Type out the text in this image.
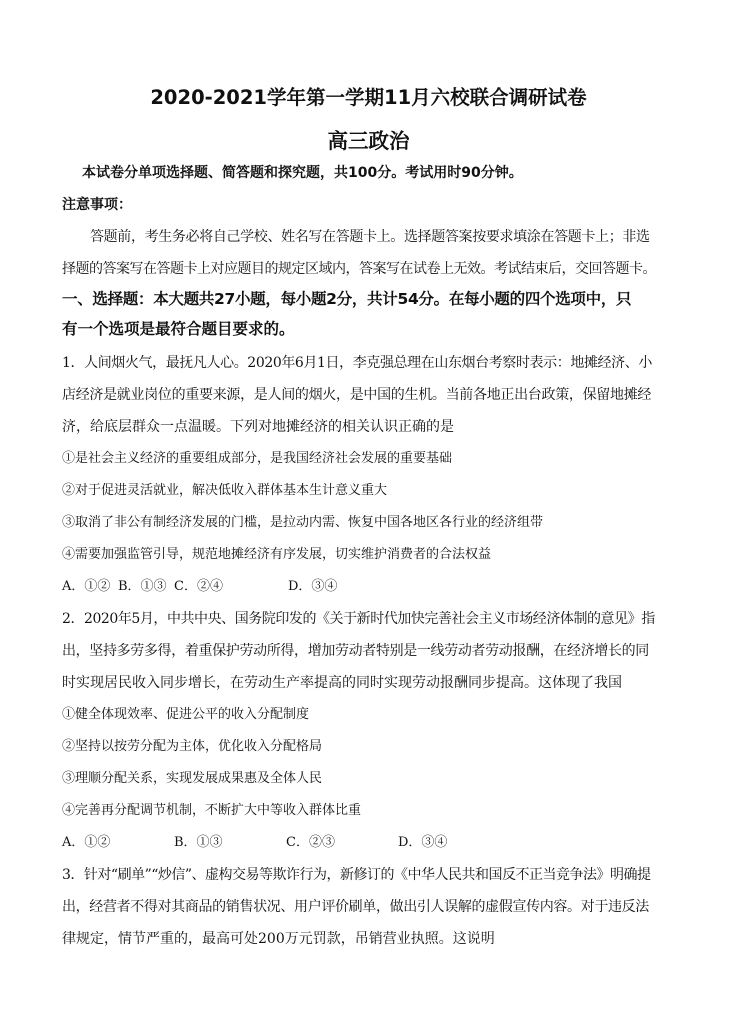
2020-2021学年第一学期11月六校联合调研试卷
高三政治
本试卷分单项选择题、简答题和探究题，共100分。考试用时90分钟。
注意事项：
答题前，考生务必将自己学校、姓名写在答题卡上。选择题答案按要求填涂在答题卡上；非选
择题的答案写在答题卡上对应题目的规定区域内，答案写在试卷上无效。考试结束后，交回答题卡。
一、选择题：本大题共27小题，每小题2分，共计54分。在每小题的四个选项中，只
有一个选项是最符合题目要求的。
1．人间烟火气，最抚凡人心。2020年6月1日，李克强总理在山东烟台考察时表示：地摊经济、小
店经济是就业岗位的重要来源，是人间的烟火，是中国的生机。当前各地正出台政策，保留地摊经
济，给底层群众一点温暖。下列对地摊经济的相关认识正确的是
①是社会主义经济的重要组成部分，是我国经济社会发展的重要基础
②对于促进灵活就业，解决低收入群体基本生计意义重大
③取消了非公有制经济发展的门槛，是拉动内需、恢复中国各地区各行业的经济组带
④需要加强监管引导，规范地摊经济有序发展，切实维护消费者的合法权益
A．①② B．①③ C．②④	D．③④
2．2020年5月，中共中央、国务院印发的《关于新时代加快完善社会主义市场经济体制的意见》指
出，坚持多劳多得，着重保护劳动所得，增加劳动者特别是一线劳动者劳动报酬，在经济增长的同
时实现居民收入同步增长，在劳动生产率提高的同时实现劳动报酬同步提高。这体现了我国
①健全体现效率、促进公平的收入分配制度
②坚持以按劳分配为主体，优化收入分配格局
③理顺分配关系，实现发展成果惠及全体人民
④完善再分配调节机制，不断扩大中等收入群体比重
A．①②	B．①③	C．②③	D．③④
3．针对“刷单”“炒信”、虚构交易等欺诈行为，新修订的《中华人民共和国反不正当竞争法》明确提
出，经营者不得对其商品的销售状况、用户评价刷单，做出引人误解的虚假宣传内容。对于违反法
律规定，情节严重的，最高可处200万元罚款，吊销营业执照。这说明
